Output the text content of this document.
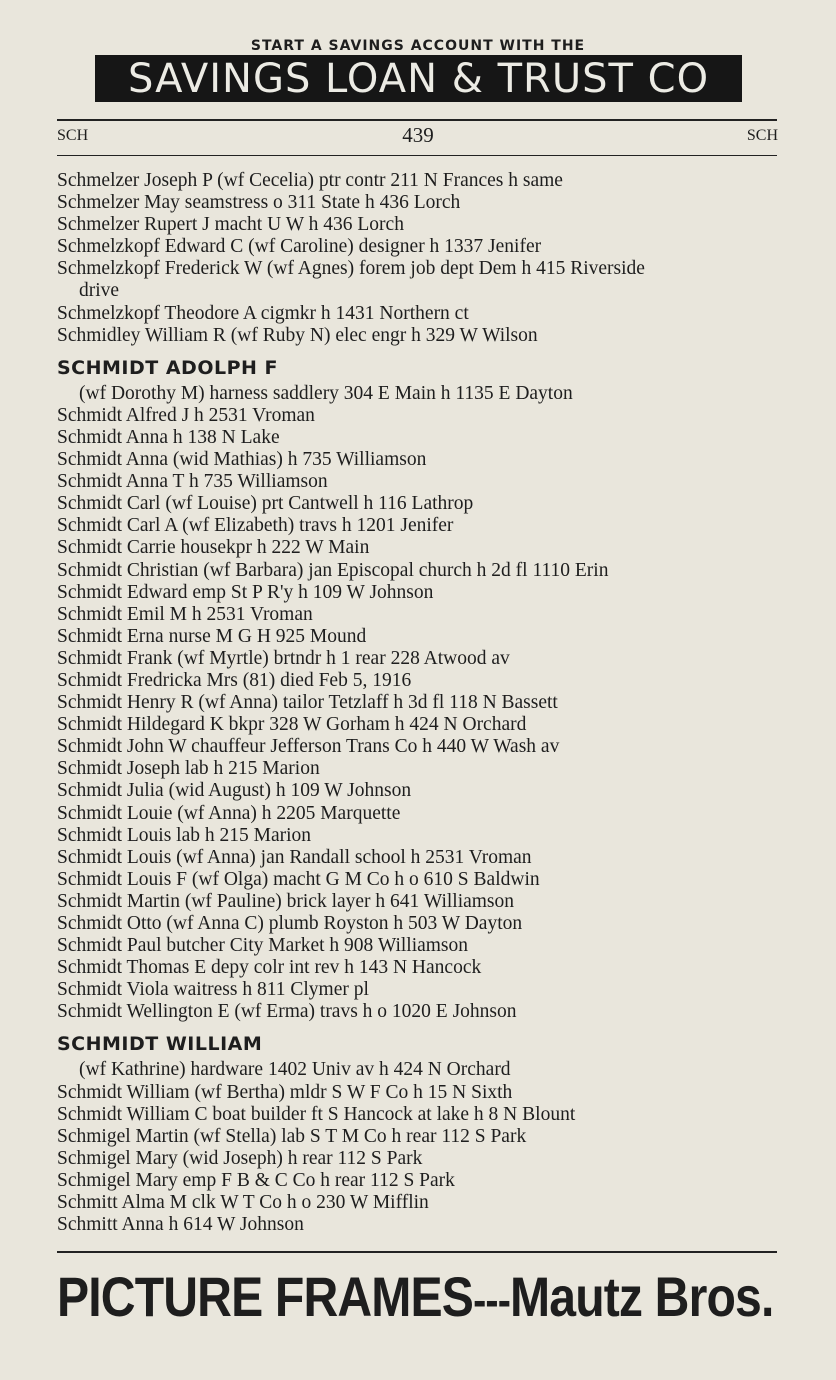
START A SAVINGS ACCOUNT WITH THE
SAVINGS LOAN & TRUST CO
SCH	439	SCH
Schmelzer Joseph P (wf Cecelia) ptr contr 211 N Frances h same
Schmelzer May seamstress o 311 State h 436 Lorch
Schmelzer Rupert J macht U W h 436 Lorch
Schmelzkopf Edward C (wf Caroline) designer h 1337 Jenifer
Schmelzkopf Frederick W (wf Agnes) forem job dept Dem h 415 Riverside
drive
Schmelzkopf Theodore A cigmkr h 1431 Northern ct
Schmidley William R (wf Ruby N) elec engr h 329 W Wilson
SCHMIDT ADOLPH F
(wf Dorothy M) harness saddlery 304 E Main h 1135 E Dayton
Schmidt Alfred J h 2531 Vroman
Schmidt Anna h 138 N Lake
Schmidt Anna (wid Mathias) h 735 Williamson
Schmidt Anna T h 735 Williamson
Schmidt Carl (wf Louise) prt Cantwell h 116 Lathrop
Schmidt Carl A (wf Elizabeth) travs h 1201 Jenifer
Schmidt Carrie housekpr h 222 W Main
Schmidt Christian (wf Barbara) jan Episcopal church h 2d fl 1110 Erin
Schmidt Edward emp St P R'y h 109 W Johnson
Schmidt Emil M h 2531 Vroman
Schmidt Erna nurse M G H 925 Mound
Schmidt Frank (wf Myrtle) brtndr h 1 rear 228 Atwood av
Schmidt Fredricka Mrs (81) died Feb 5, 1916
Schmidt Henry R (wf Anna) tailor Tetzlaff h 3d fl 118 N Bassett
Schmidt Hildegard K bkpr 328 W Gorham h 424 N Orchard
Schmidt John W chauffeur Jefferson Trans Co h 440 W Wash av
Schmidt Joseph lab h 215 Marion
Schmidt Julia (wid August) h 109 W Johnson
Schmidt Louie (wf Anna) h 2205 Marquette
Schmidt Louis lab h 215 Marion
Schmidt Louis (wf Anna) jan Randall school h 2531 Vroman
Schmidt Louis F (wf Olga) macht G M Co h o 610 S Baldwin
Schmidt Martin (wf Pauline) brick layer h 641 Williamson
Schmidt Otto (wf Anna C) plumb Royston h 503 W Dayton
Schmidt Paul butcher City Market h 908 Williamson
Schmidt Thomas E depy colr int rev h 143 N Hancock
Schmidt Viola waitress h 811 Clymer pl
Schmidt Wellington E (wf Erma) travs h o 1020 E Johnson
SCHMIDT WILLIAM
(wf Kathrine) hardware 1402 Univ av h 424 N Orchard
Schmidt William (wf Bertha) mldr S W F Co h 15 N Sixth
Schmidt William C boat builder ft S Hancock at lake h 8 N Blount
Schmigel Martin (wf Stella) lab S T M Co h rear 112 S Park
Schmigel Mary (wid Joseph) h rear 112 S Park
Schmigel Mary emp F B & C Co h rear 112 S Park
Schmitt Alma M clk W T Co h o 230 W Mifflin
Schmitt Anna h 614 W Johnson
PICTURE FRAMES---Mautz Bros.
